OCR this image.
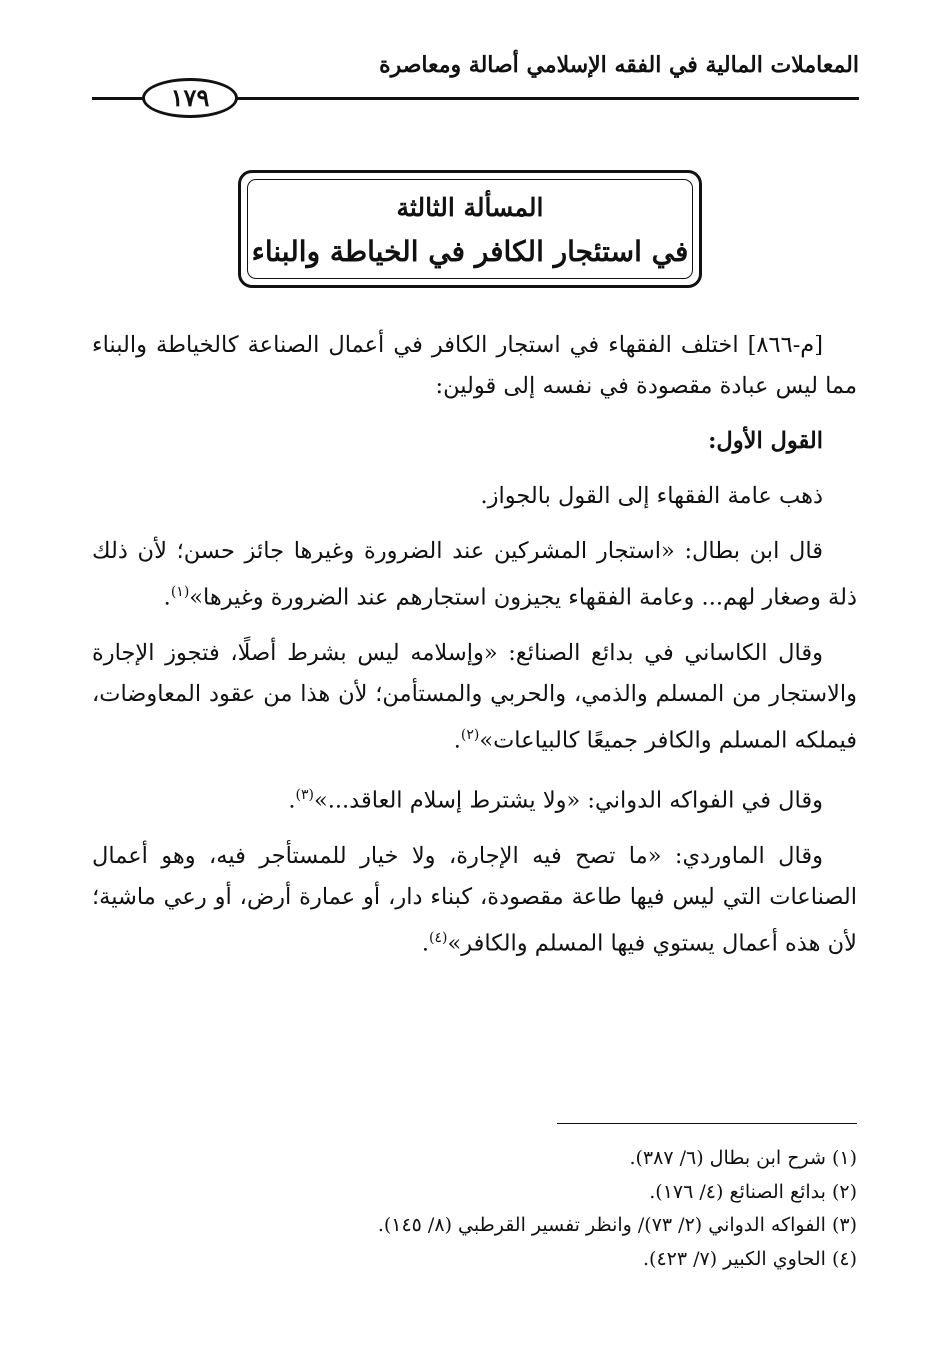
المعاملات المالية في الفقه الإسلامي أصالة ومعاصرة
١٧٩
المسألة الثالثة
في استئجار الكافر في الخياطة والبناء

[م-٨٦٦] اختلف الفقهاء في استجار الكافر في أعمال الصناعة كالخياطة والبناء مما ليس عبادة مقصودة في نفسه إلى قولين:

القول الأول:

ذهب عامة الفقهاء إلى القول بالجواز.

قال ابن بطال: «استجار المشركين عند الضرورة وغيرها جائز حسن؛ لأن ذلك ذلة وصغار لهم... وعامة الفقهاء يجيزون استجارهم عند الضرورة وغيرها»$^{(١)}$.

وقال الكاساني في بدائع الصنائع: «وإسلامه ليس بشرط أصلًا، فتجوز الإجارة والاستجار من المسلم والذمي، والحربي والمستأمن؛ لأن هذا من عقود المعاوضات، فيملكه المسلم والكافر جميعًا كالبياعات»$^{(٢)}$.

وقال في الفواكه الدواني: «ولا يشترط إسلام العاقد...»$^{(٣)}$.

وقال الماوردي: «ما تصح فيه الإجارة، ولا خيار للمستأجر فيه، وهو أعمال الصناعات التي ليس فيها طاعة مقصودة، كبناء دار، أو عمارة أرض، أو رعي ماشية؛ لأن هذه أعمال يستوي فيها المسلم والكافر»$^{(٤)}$.

(١) شرح ابن بطال (٦/ ٣٨٧).
(٢) بدائع الصنائع (٤/ ١٧٦).
(٣) الفواكه الدواني (٢/ ٧٣)/ وانظر تفسير القرطبي (٨/ ١٤٥).
(٤) الحاوي الكبير (٧/ ٤٢٣).
